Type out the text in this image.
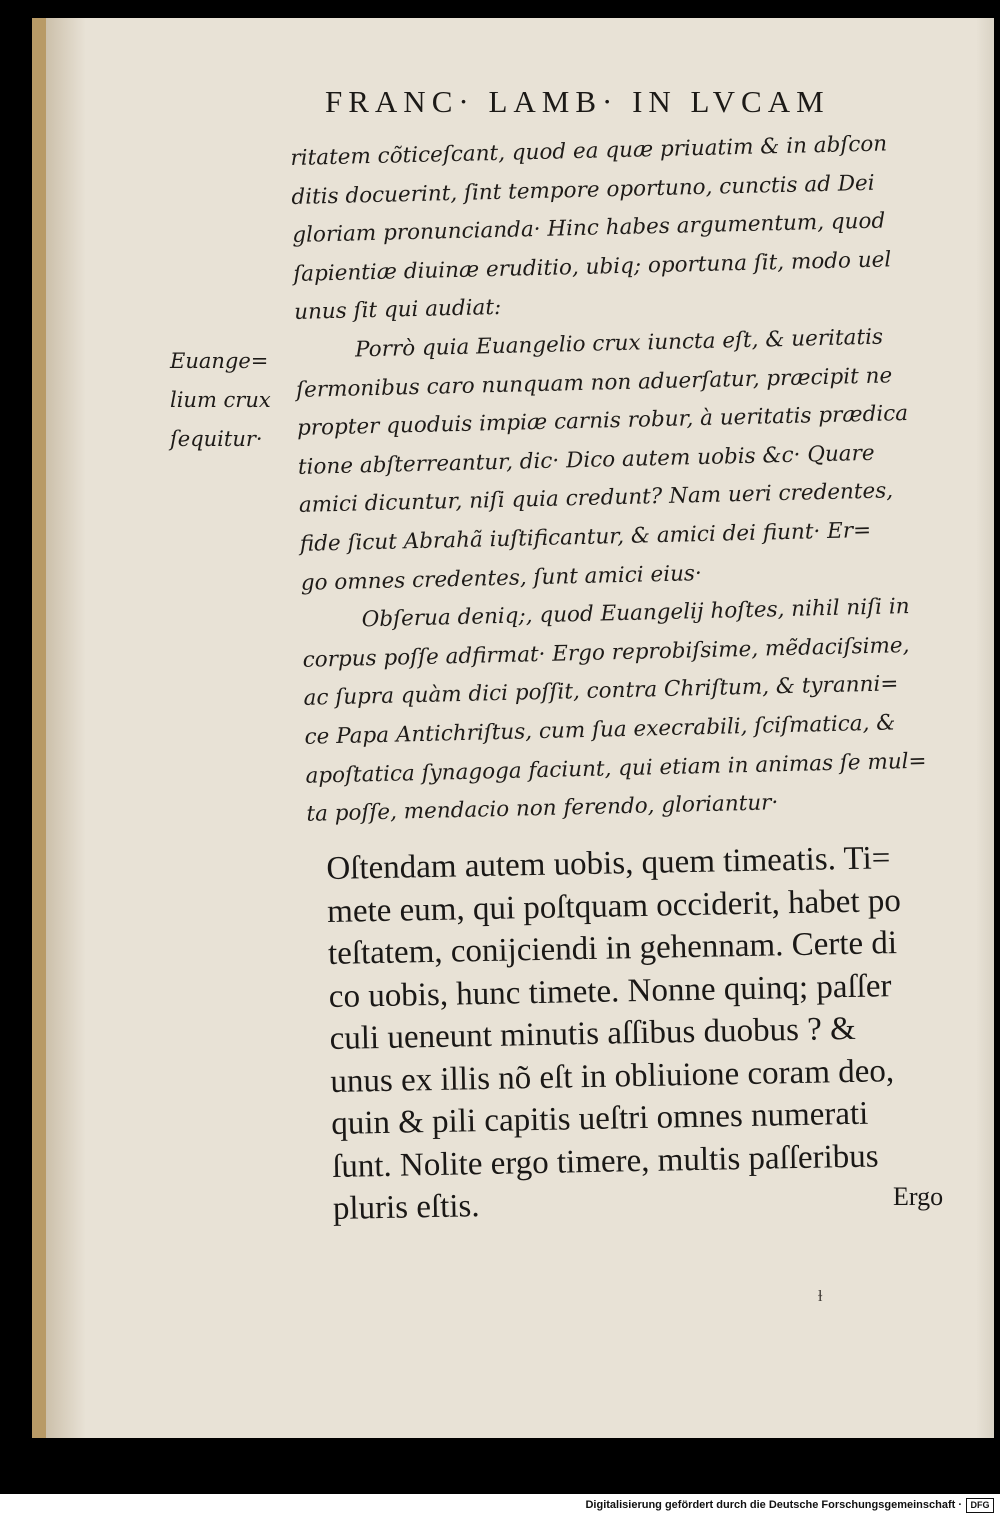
FRANC· LAMB· IN LVCAM
Euange=
lium crux
ſequitur·
ritatem cõticeſcant, quod ea quæ priuatim & in abſcon
ditis docuerint, ſint tempore oportuno, cunctis ad Dei
gloriam pronuncianda· Hinc habes argumentum, quod
ſapientiæ diuinæ eruditio, ubiq; oportuna ſit, modo uel
unus ſit qui audiat:
Porrò quia Euangelio crux iuncta eſt, & ueritatis
ſermonibus caro nunquam non aduerſatur, præcipit ne
propter quoduis impiæ carnis robur, à ueritatis prædica
tione abſterreantur, dic· Dico autem uobis &c· Quare
amici dicuntur, niſi quia credunt? Nam ueri credentes,
fide ſicut Abrahã iuſtificantur, & amici dei fiunt· Er=
go omnes credentes, ſunt amici eius·
Obſerua deniq;, quod Euangelij hoſtes, nihil niſi in
corpus poſſe adfirmat· Ergo reprobiſsime, mẽdaciſsime,
ac ſupra quàm dici poſſit, contra Chriſtum, & tyranni=
ce Papa Antichriſtus, cum ſua execrabili, ſciſmatica, &
apoſtatica ſynagoga faciunt, qui etiam in animas ſe mul=
ta poſſe, mendacio non ferendo, gloriantur·
Oſtendam autem uobis, quem timeatis. Ti=
mete eum, qui poſtquam occiderit, habet po
teſtatem, conijciendi in gehennam. Certe di
co uobis, hunc timete. Nonne quinq; paſſer
culi ueneunt minutis aſſibus duobus ? &
unus ex illis nõ eſt in obliuione coram deo,
quin & pili capitis ueſtri omnes numerati
ſunt. Nolite ergo timere, multis paſſeribus
pluris eſtis.	Ergo
ɫ
Digitalisierung gefördert durch die Deutsche Forschungsgemeinschaft · DFG
